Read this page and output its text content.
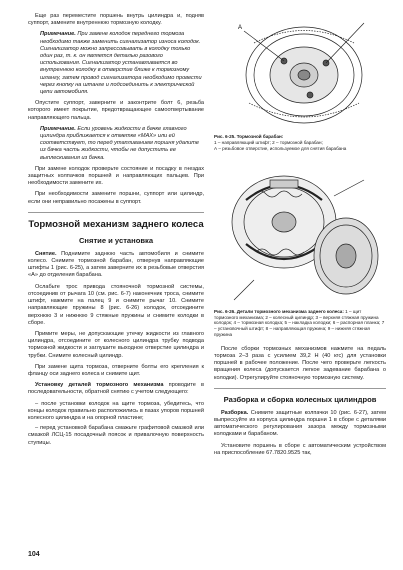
Еще раз переместите поршень внутрь цилиндра и, подняв суппорт, замените внутреннюю тормозную колодку.

Примечание. При замене колодок переднего тормоза необходимо также заменить сигнализатор износа колодок. Сигнализатор можно запрессовывать в колодку только один раз, т. к. он является деталью разового использования. Сигнализатор устанавливается во внутреннюю колодку в отверстие ближе к тормозному шлангу, затем провод сигнализатора необходимо провести через кнопку на штанге и подсоединить к электрической цепи автомобиля.

Опустите суппорт, заверните и законтрите болт 6, резьба которого имеет покрытие, предотвращающее самоотвертывание направляющего пальца.

Примечание. Если уровень жидкости в бачке главного цилиндра приближается к отметке «MAX» или ей соответствует, то перед утапливанием поршня удалите из бачка часть жидкости, чтобы не допустить ее выплескивания из бачка.

При замене колодок проверьте состояние и посадку в гнездах защитных колпачков поршней и направляющих пальцев. При необходимости замените их.

При необходимости замените поршни, суппорт или цилиндр, если они неправильно посажены в суппорт.

Тормозной механизм заднего колеса
Снятие и установка

Снятие. Поднимите заднюю часть автомобиля и снимите колесо. Снимите тормозной барабан, отвернув направляющие штифты 1 (рис. 6-25), а затем заверните их в резьбовые отверстия «А» до отделения барабана.

Ослабьте трос привода стояночной тормозной системы, отсоединив от рычага 10 (см. рис. 6-7) наконечник троса, снимите штифт, нажмите на палец 9 и снимите рычаг 10. Снимите направляющие пружины 8 (рис. 6-26) колодок, отсоедините верхнюю 3 и нижнюю 9 стяжные пружины и снимите колодки в сборе.

Примите меры, не допускающие утечку жидкости из главного цилиндра, отсоедините от колесного цилиндра трубку подвода тормозной жидкости и заглушите выходное отверстие цилиндра и трубки. Снимите колесный цилиндр.

При замене щита тормоза, отверните болты его крепления к фланцу оси заднего колеса и снимите щит.

Установку деталей тормозного механизма проводите в последовательности, обратной снятию с учетом следующего:

– после установки колодок на щите тормоза, убедитесь, что концы колодок правильно расположились в пазах упоров поршней колесного цилиндра и на опорной пластине;
– перед установкой барабана смажьте графитовой смазкой или смазкой ЛСЦ-15 посадочный поясок и привалочную поверхность ступицы.
A
Рис. 6-25. Тормозной барабан:
1 – направляющий штифт; 2 – тормозной барабан;
А – резьбовое отверстие, используемое для снятия барабана
Рис. 6-26. Детали тормозного механизма заднего колеса: 1 – щит тормозного механизма; 2 – колесный цилиндр; 3 – верхняя стяжная пружина колодок; 4 – тормозная колодка; 5 – накладка колодки; 6 – распорная планка; 7 – установочный штифт; 8 – направляющая пружина; 9 – нижняя стяжная пружина

После сборки тормозных механизмов нажмите на педаль тормоза 2–3 раза с усилием 39,2 Н (40 кгс) для установки поршней в рабочее положение. После чего проверьте легкость вращения колеса (допускается легкое задевание барабана о колодки). Отрегулируйте стояночную тормозную систему.

Разборка и сборка колесных цилиндров

Разборка. Снимите защитные колпачки 10 (рис. 6-27), затем выпрессуйте из корпуса цилиндра поршни 1 в сборе с деталями автоматического регулирования зазора между тормозными колодками и барабаном.

Установите поршень в сборе с автоматическим устройством на приспособление 67.7820.9525 так,

104
